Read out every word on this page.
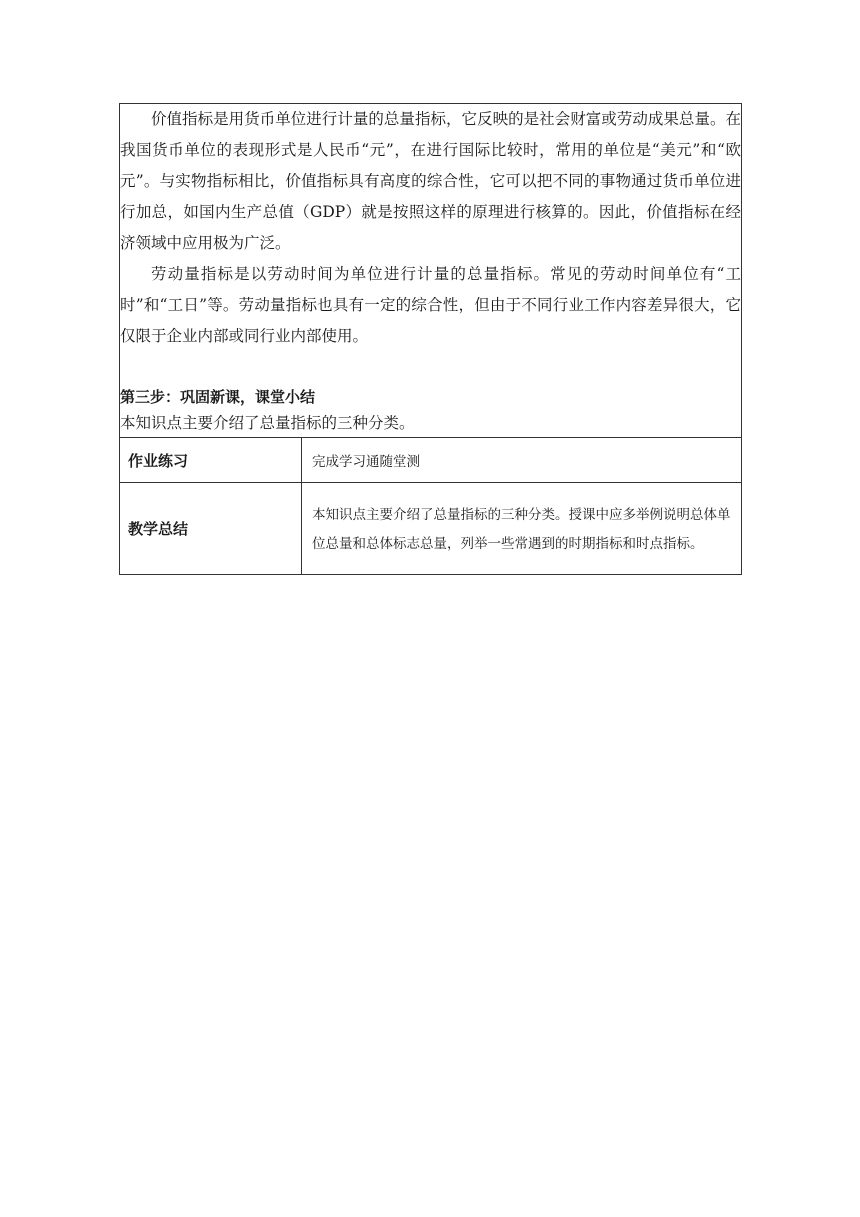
价值指标是用货币单位进行计量的总量指标，它反映的是社会财富或劳动成果总量。在我国货币单位的表现形式是人民币“元”，在进行国际比较时，常用的单位是“美元”和“欧元”。与实物指标相比，价值指标具有高度的综合性，它可以把不同的事物通过货币单位进行加总，如国内生产总值（GDP）就是按照这样的原理进行核算的。因此，价值指标在经济领域中应用极为广泛。

劳动量指标是以劳动时间为单位进行计量的总量指标。常见的劳动时间单位有“工时”和“工日”等。劳动量指标也具有一定的综合性，但由于不同行业工作内容差异很大，它仅限于企业内部或同行业内部使用。

第三步：巩固新课，课堂小结

本知识点主要介绍了总量指标的三种分类。	

作业练习	完成学习通随堂测
教学总结	本知识点主要介绍了总量指标的三种分类。授课中应多举例说明总体单位总量和总体标志总量，列举一些常遇到的时期指标和时点指标。
